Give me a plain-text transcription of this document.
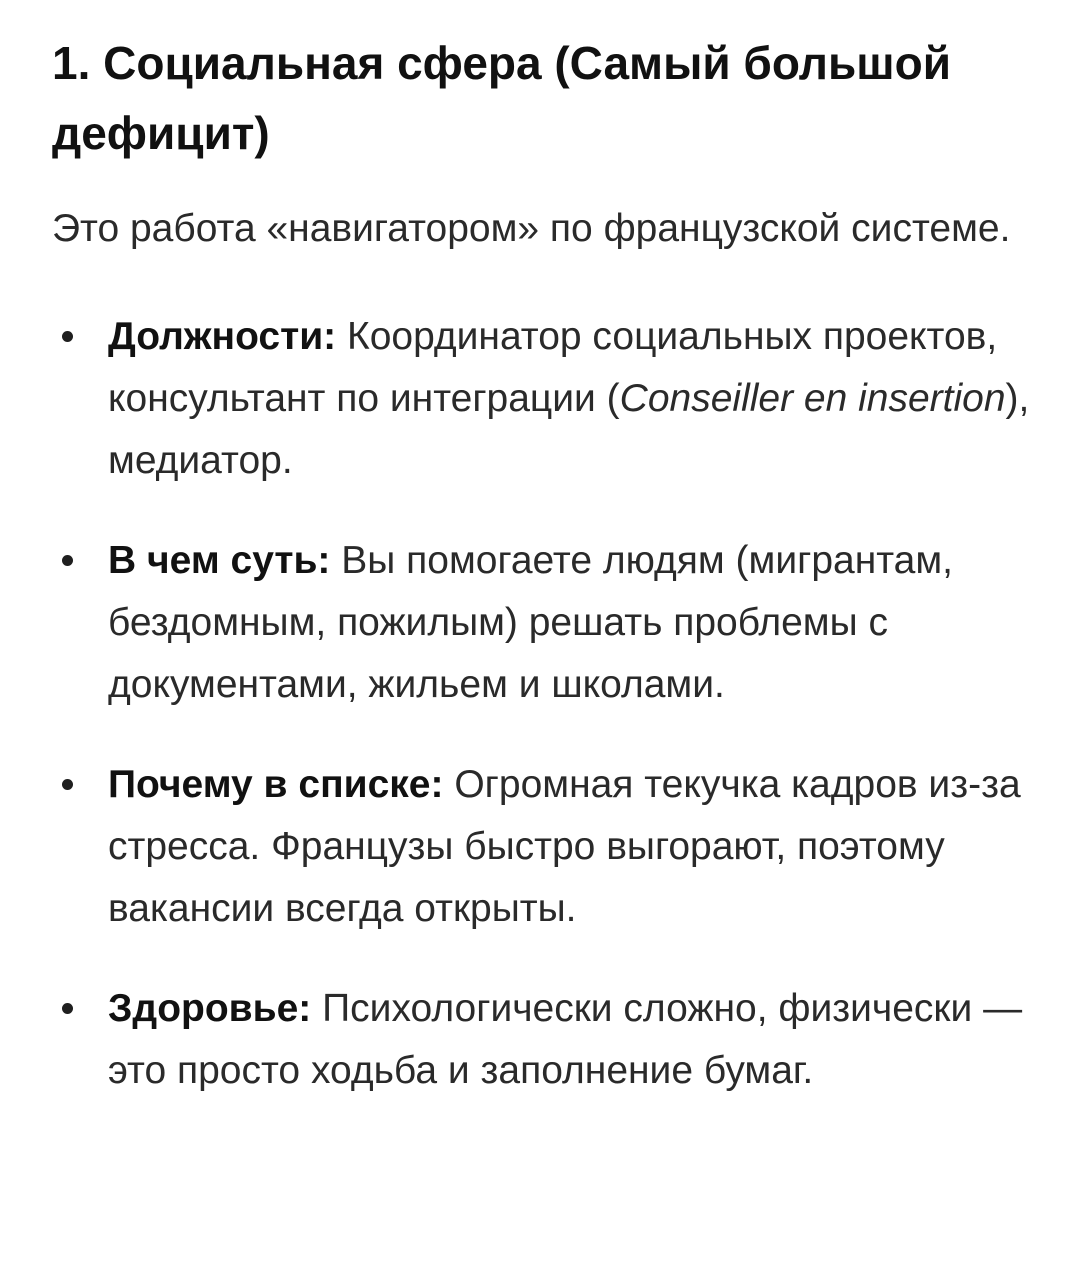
1. Социальная сфера (Самый большой дефицит)

Это работа «навигатором» по французской системе.

Должности: Координатор социальных проектов, консультант по интеграции (Conseiller en insertion), медиатор.
В чем суть: Вы помогаете людям (мигрантам, бездомным, пожилым) решать проблемы с документами, жильем и школами.
Почему в списке: Огромная текучка кадров из-за стресса. Французы быстро выгорают, поэтому вакансии всегда открыты.
Здоровье: Психологически сложно, физически — это просто ходьба и заполнение бумаг.
